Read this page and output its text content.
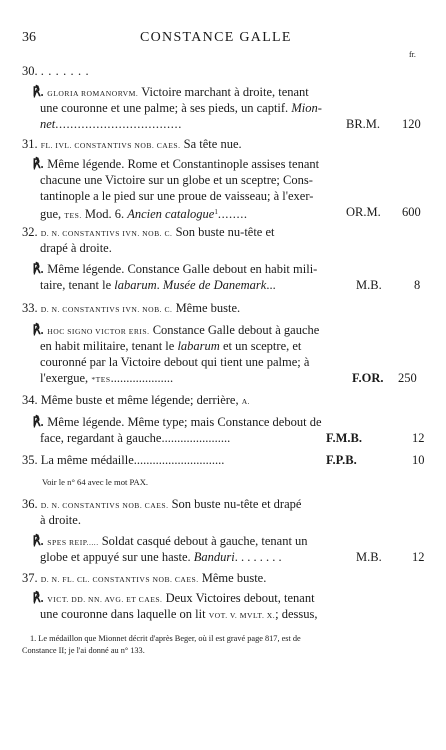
36	CONSTANCE GALLE
fr.
30. . . . . . . .
℟. GLORIA ROMANORVM. Victoire marchant à droite, tenant
une couronne et une palme; à ses pieds, un captif. Mion-
net..................................	BR.M. 120
31. FL. IVL. CONSTANTIVS NOB. CAES. Sa tête nue.
℟. Même légende. Rome et Constantinople assises tenant
chacune une Victoire sur un globe et un sceptre; Cons-
tantinople a le pied sur une proue de vaisseau; à l'exer-
gue, TES. Mod. 6. Ancien catalogue$^1$........	OR.M. 600
32. D. N. CONSTANTIVS IVN. NOB. C. Son buste nu-tête et
drapé à droite.
℟. Même légende. Constance Galle debout en habit mili-
taire, tenant le labarum. Musée de Danemark...	M.B.	8
33. D. N. CONSTANTIVS IVN. NOB. C. Même buste.
℟. HOC SIGNO VICTOR ERIS. Constance Galle debout à gauche
en habit militaire, tenant le labarum et un sceptre, et
couronné par la Victoire debout qui tient une palme; à
l'exergue, *TES....................	F.OR. 250
34. Même buste et même légende; derrière, A.
℟. Même légende. Même type; mais Constance debout de
face, regardant à gauche......................	F.M.B.	12
35. La même médaille.............................	F.P.B.	10
Voir le n° 64 avec le mot PAX.
36. D. N. CONSTANTIVS NOB. CAES. Son buste nu-tête et drapé
à droite.
℟. SPES REIP..... Soldat casqué debout à gauche, tenant un
globe et appuyé sur une haste. Banduri. . . . . . . .	M.B. 12
37. D. N. FL. CL. CONSTANTIVS NOB. CAES. Même buste.
℟. VICT. DD. NN. AVG. ET CAES. Deux Victoires debout, tenant
une couronne dans laquelle on lit VOT. V. MVLT. X.; dessus,
1. Le médaillon que Mionnet décrit d'après Beger, où il est gravé page 817, est de
Constance II; je l'ai donné au n° 133.
